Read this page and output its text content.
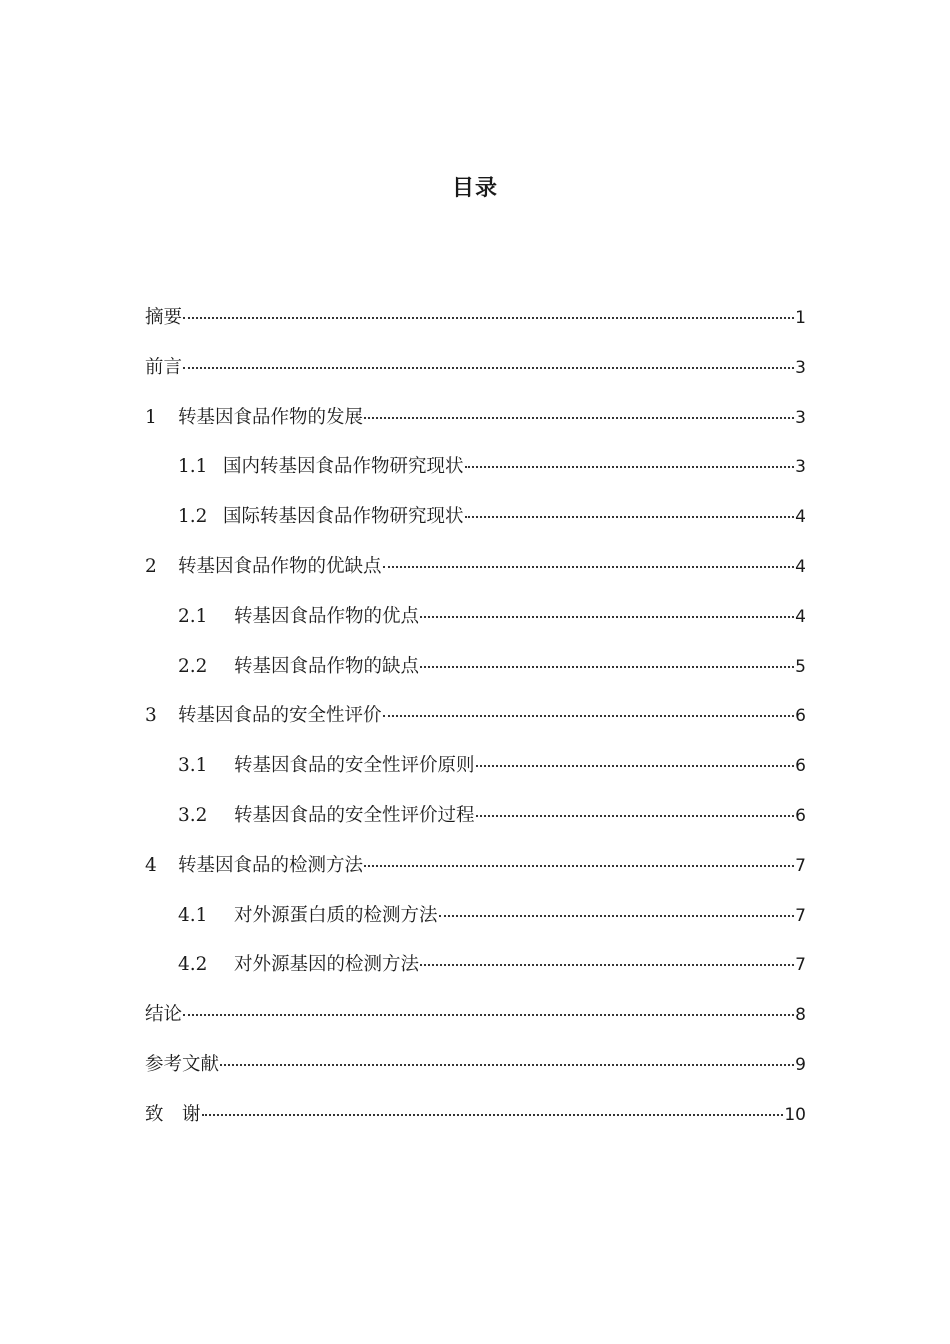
目录
摘要	1
前言	3
1	转基因食品作物的发展	3
1.1 国内转基因食品作物研究现状	3
1.2 国际转基因食品作物研究现状	4
2	转基因食品作物的优缺点	4
2.1	转基因食品作物的优点	4
2.2	转基因食品作物的缺点	5
3	转基因食品的安全性评价	6
3.1	转基因食品的安全性评价原则	6
3.2	转基因食品的安全性评价过程	6
4	转基因食品的检测方法	7
4.1	对外源蛋白质的检测方法	7
4.2	对外源基因的检测方法	7
结论	8
参考文献	9
致　谢	10
